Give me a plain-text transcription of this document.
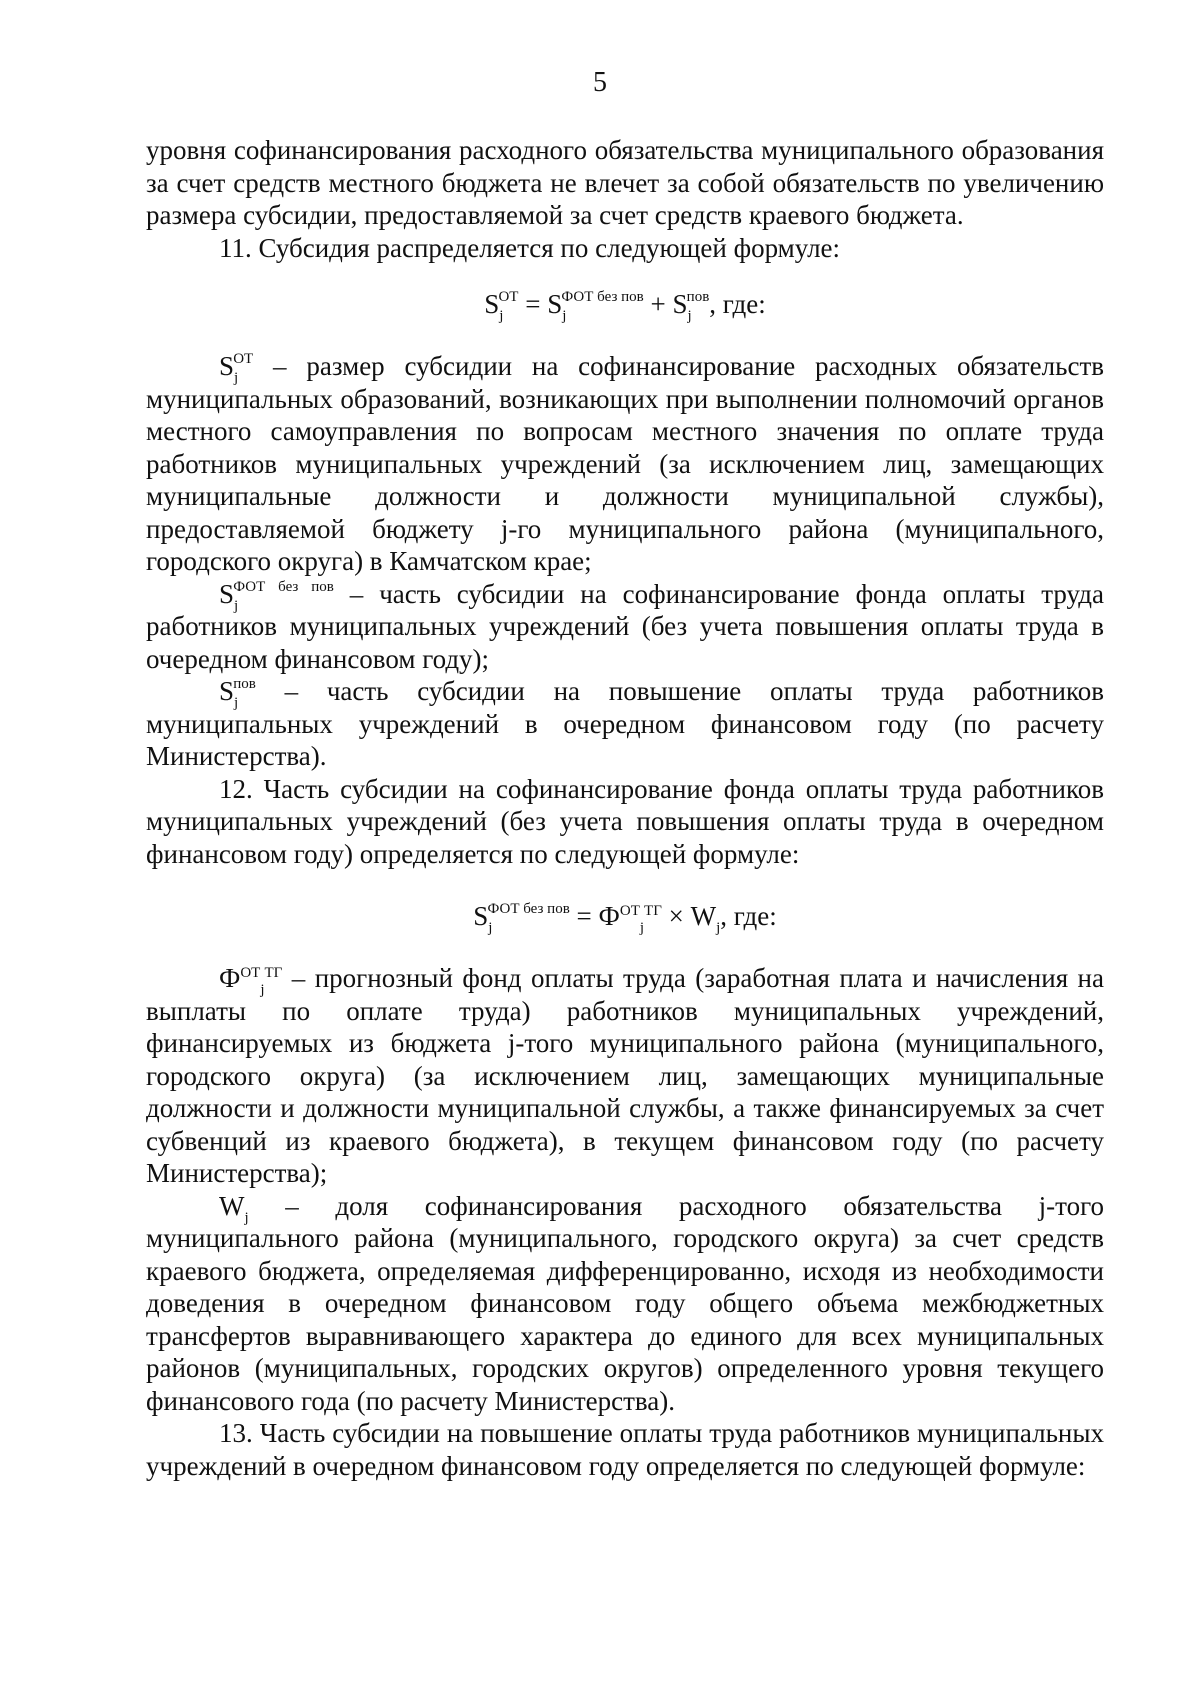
5

уровня софинансирования расходного обязательства муниципального образования за счет средств местного бюджета не влечет за собой обязательств по увеличению размера субсидии, предоставляемой за счет средств краевого бюджета.

11. Субсидия распределяется по следующей формуле:

$S_j^{ОТ} = S_j^{ФОТ без пов} + S_j^{пов}$, где:

$S_j^{ОТ}$ – размер субсидии на софинансирование расходных обязательств муниципальных образований, возникающих при выполнении полномочий органов местного самоуправления по вопросам местного значения по оплате труда работников муниципальных учреждений (за исключением лиц, замещающих муниципальные должности и должности муниципальной службы), предоставляемой бюджету j-го муниципального района (муниципального, городского округа) в Камчатском крае;

$S_j^{ФОТ без пов}$ – часть субсидии на софинансирование фонда оплаты труда работников муниципальных учреждений (без учета повышения оплаты труда в очередном финансовом году);

$S_j^{пов}$ – часть субсидии на повышение оплаты труда работников муниципальных учреждений в очередном финансовом году (по расчету Министерства).

12. Часть субсидии на софинансирование фонда оплаты труда работников муниципальных учреждений (без учета повышения оплаты труда в очередном финансовом году) определяется по следующей формуле:

$S_j^{ФОТ без пов} = Ф^{ОТ}_j^{ТГ} \times W_j$, где:

$Ф^{ОТ}_j^{ТГ}$ – прогнозный фонд оплаты труда (заработная плата и начисления на выплаты по оплате труда) работников муниципальных учреждений, финансируемых из бюджета j-того муниципального района (муниципального, городского округа) (за исключением лиц, замещающих муниципальные должности и должности муниципальной службы, а также финансируемых за счет субвенций из краевого бюджета), в текущем финансовом году (по расчету Министерства);

$W_j$ – доля софинансирования расходного обязательства j-того муниципального района (муниципального, городского округа) за счет средств краевого бюджета, определяемая дифференцированно, исходя из необходимости доведения в очередном финансовом году общего объема межбюджетных трансфертов выравнивающего характера до единого для всех муниципальных районов (муниципальных, городских округов) определенного уровня текущего финансового года (по расчету Министерства).

13. Часть субсидии на повышение оплаты труда работников муниципальных учреждений в очередном финансовом году определяется по следующей формуле:
